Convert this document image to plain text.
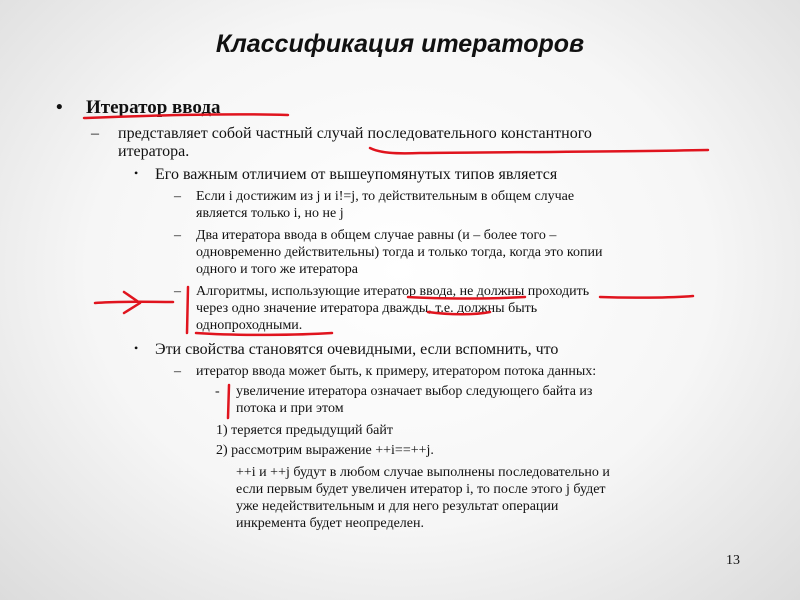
Классификация итераторов
• Итератор ввода
– представляет собой частный случай последовательного константного
итератора.
• Его важным отличием от вышеупомянутых типов является
– Если i достижим из j и i!=j, то действительным в общем случае
является только i, но не j
– Два итератора ввода в общем случае равны (и – более того –
одновременно действительны) тогда и только тогда, когда это копии
одного и того же итератора
– Алгоритмы, использующие итератор ввода, не должны проходить
через одно значение итератора дважды, т.е. должны быть
однопроходными.
• Эти свойства становятся очевидными, если вспомнить, что
– итератор ввода может быть, к примеру, итератором потока данных:
- увеличение итератора означает выбор следующего байта из
потока и при этом
1) теряется предыдущий байт
2) рассмотрим выражение ++i==++j.
++i и ++j будут в любом случае выполнены последовательно и
если первым будет увеличен итератор i, то после этого j будет
уже недействительным и для него результат операции
инкремента будет неопределен.
13
